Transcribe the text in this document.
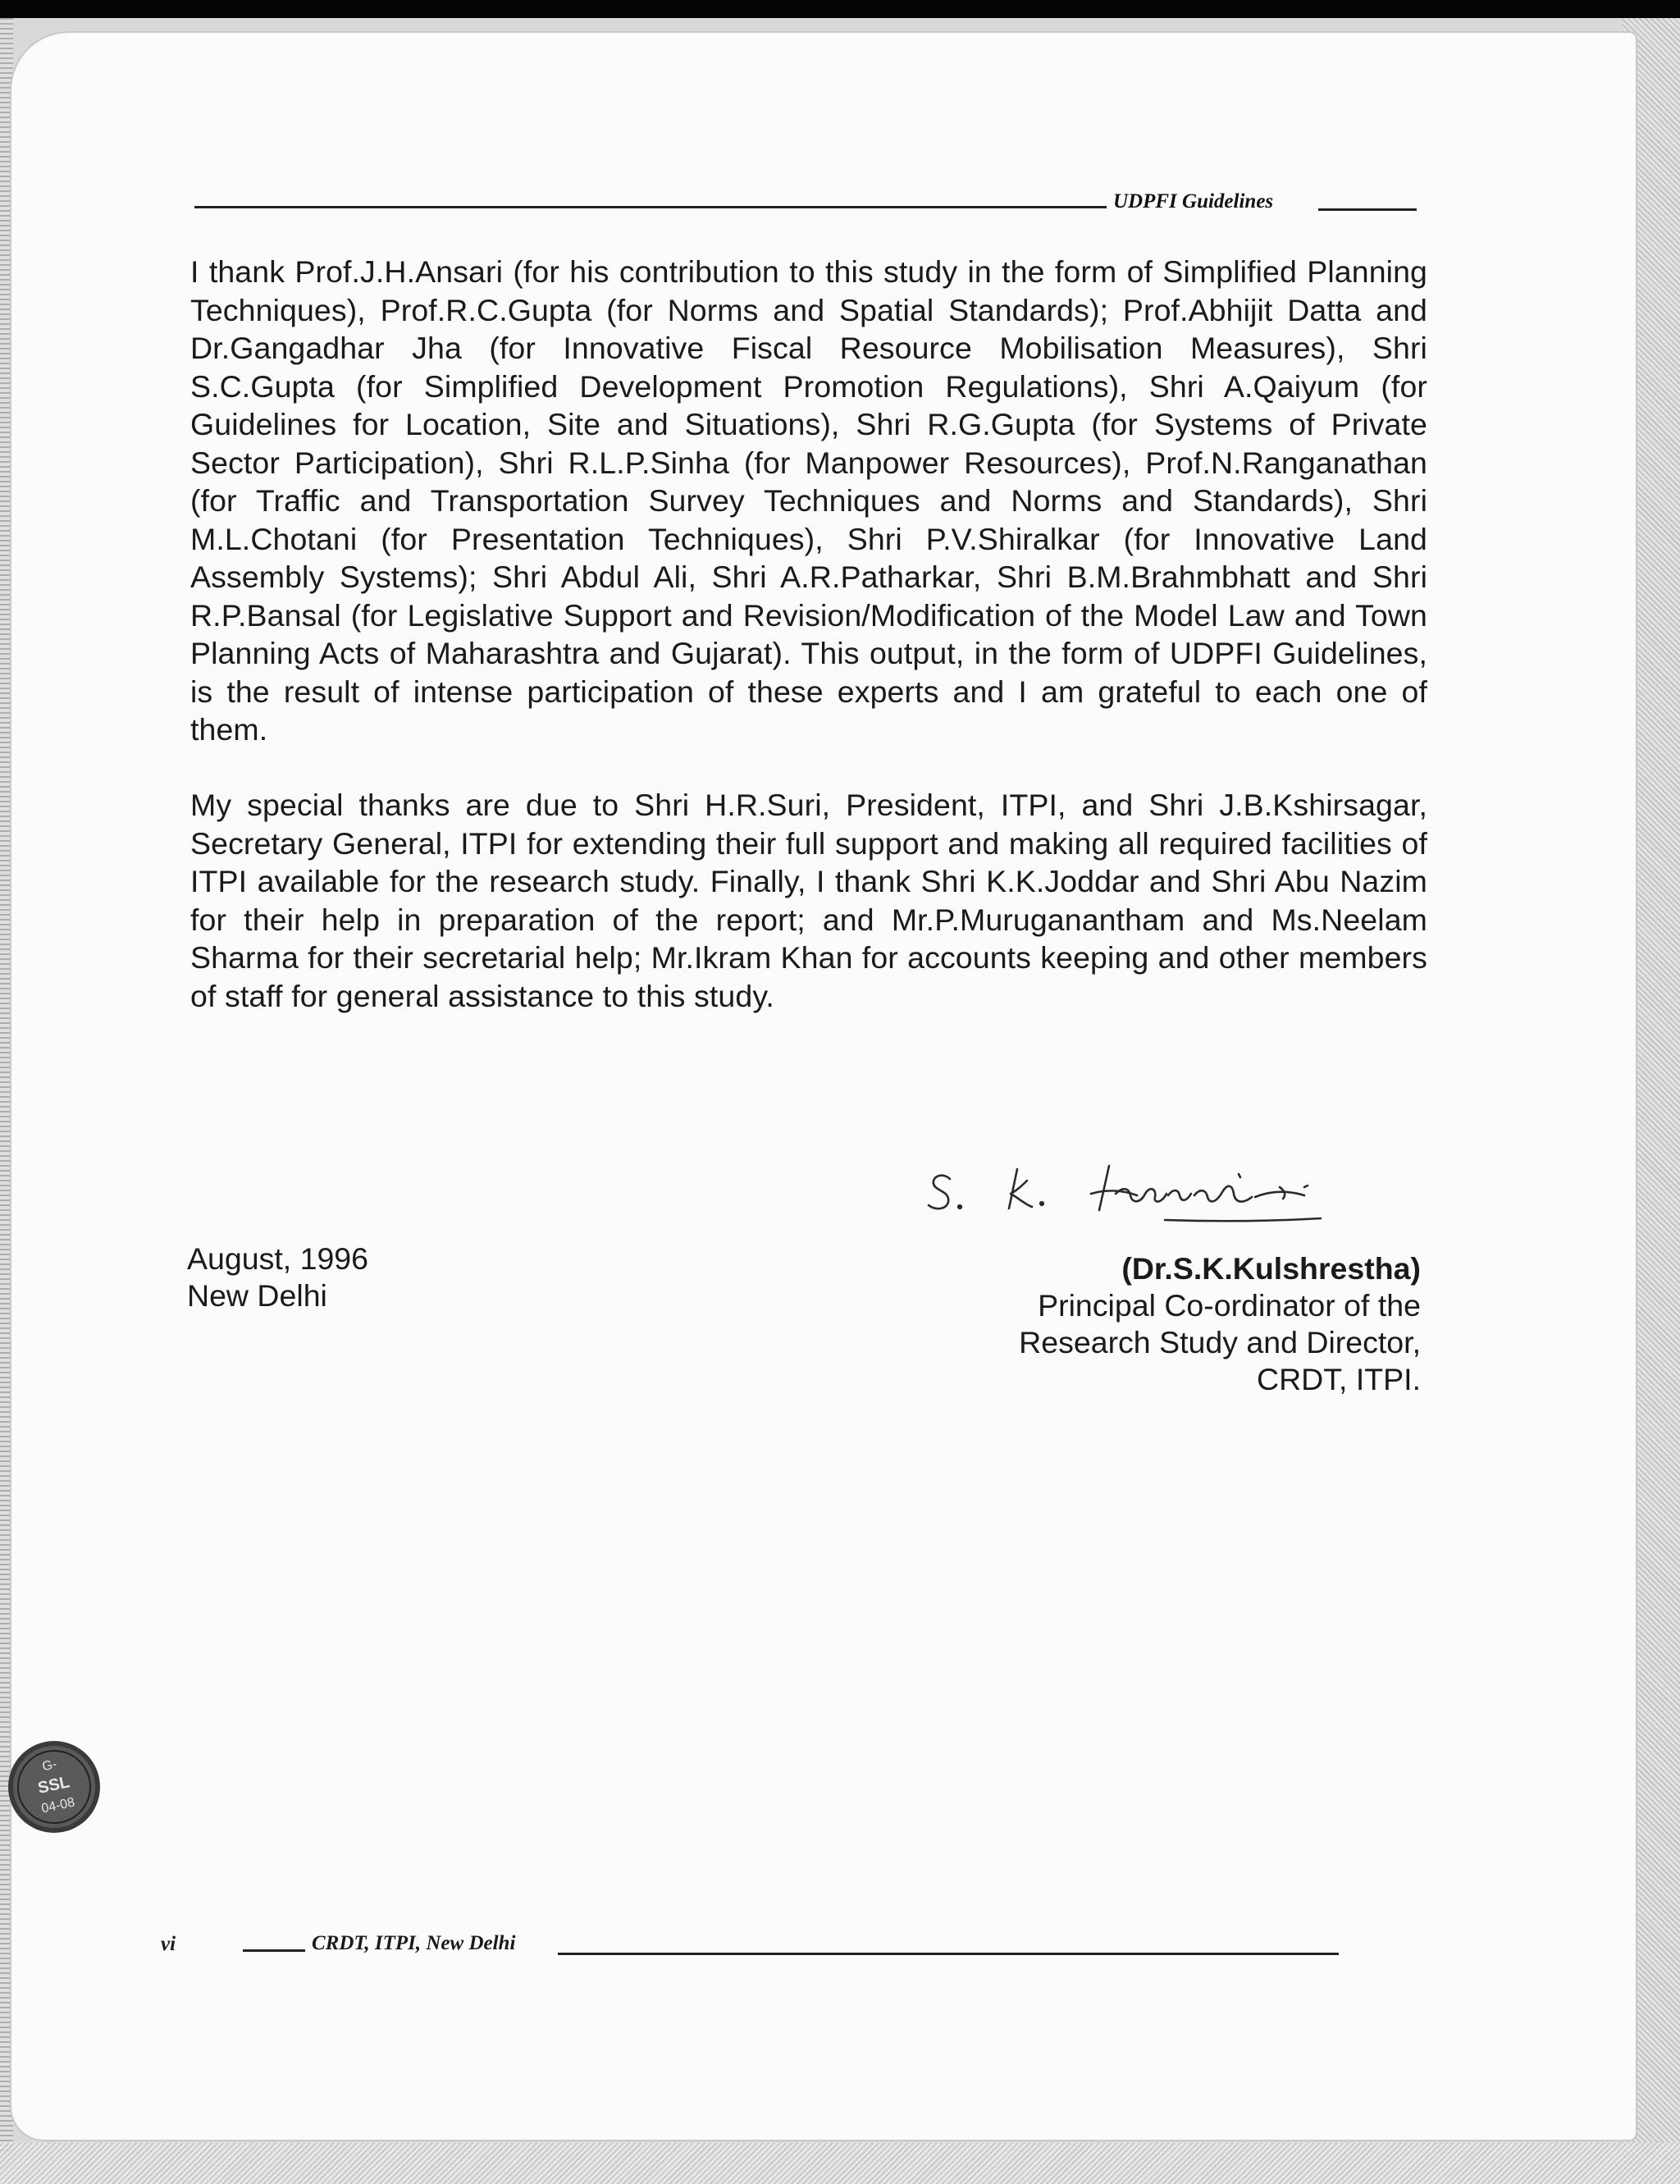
UDPFI Guidelines
I thank Prof.J.H.Ansari (for his contribution to this study in the form of Simplified Planning Techniques), Prof.R.C.Gupta (for Norms and Spatial Standards); Prof.Abhijit Datta and Dr.Gangadhar Jha (for Innovative Fiscal Resource Mobilisation Measures), Shri S.C.Gupta (for Simplified Development Promotion Regulations), Shri A.Qaiyum (for Guidelines for Location, Site and Situations), Shri R.G.Gupta (for Systems of Private Sector Participation), Shri R.L.P.Sinha (for Manpower Resources), Prof.N.Ranganathan (for Traffic and Transportation Survey Techniques and Norms and Standards), Shri M.L.Chotani (for Presentation Techniques), Shri P.V.Shiralkar (for Innovative Land Assembly Systems); Shri Abdul Ali, Shri A.R.Patharkar, Shri B.M.Brahmbhatt and Shri R.P.Bansal (for Legislative Support and Revision/Modification of the Model Law and Town Planning Acts of Maharashtra and Gujarat). This output, in the form of UDPFI Guidelines, is the result of intense participation of these experts and I am grateful to each one of them.
My special thanks are due to Shri H.R.Suri, President, ITPI, and Shri J.B.Kshirsagar, Secretary General, ITPI for extending their full support and making all required facilities of ITPI available for the research study. Finally, I thank Shri K.K.Joddar and Shri Abu Nazim for their help in preparation of the report; and Mr.P.Muruganantham and Ms.Neelam Sharma for their secretarial help; Mr.Ikram Khan for accounts keeping and other members of staff for general assistance to this study.
August, 1996
New Delhi
(Dr.S.K.Kulshrestha)
Principal Co-ordinator of the
Research Study and Director,
CRDT, ITPI.
G-
SSL
04-08
vi	CRDT, ITPI, New Delhi
